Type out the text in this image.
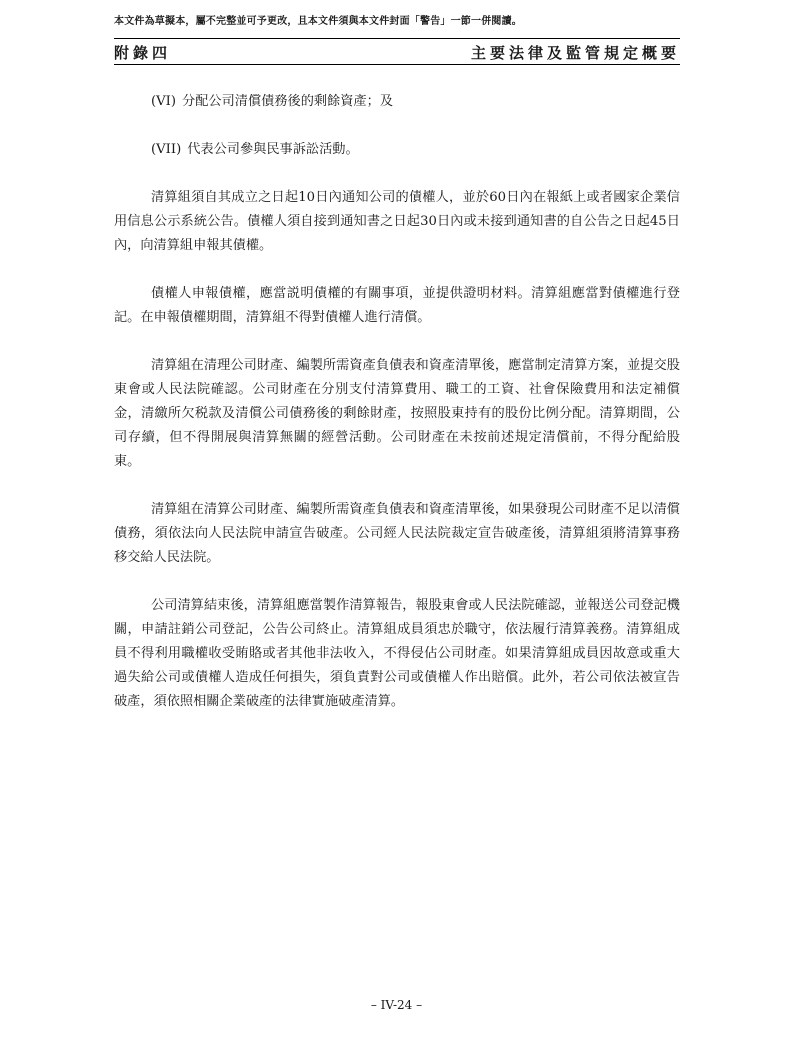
本文件為草擬本，屬不完整並可予更改，且本文件須與本文件封面「警告」一節一併閱讀。
附錄四	主要法律及監管規定概要
(VI) 分配公司清償債務後的剩餘資產；及
(VII) 代表公司參與民事訴訟活動。

清算組須自其成立之日起10日內通知公司的債權人，並於60日內在報紙上或者國家企業信用信息公示系統公告。債權人須自接到通知書之日起30日內或未接到通知書的自公告之日起45日內，向清算組申報其債權。

債權人申報債權，應當説明債權的有關事項，並提供證明材料。清算組應當對債權進行登記。在申報債權期間，清算組不得對債權人進行清償。

清算組在清理公司財產、編製所需資產負債表和資產清單後，應當制定清算方案，並提交股東會或人民法院確認。公司財產在分別支付清算費用、職工的工資、社會保險費用和法定補償金，清繳所欠税款及清償公司債務後的剩餘財產，按照股東持有的股份比例分配。清算期間，公司存續，但不得開展與清算無關的經營活動。公司財產在未按前述規定清償前，不得分配給股東。

清算組在清算公司財產、編製所需資產負債表和資產清單後，如果發現公司財產不足以清償債務，須依法向人民法院申請宣告破產。公司經人民法院裁定宣告破產後，清算組須將清算事務移交給人民法院。

公司清算結束後，清算組應當製作清算報告，報股東會或人民法院確認，並報送公司登記機關，申請註銷公司登記，公告公司終止。清算組成員須忠於職守，依法履行清算義務。清算組成員不得利用職權收受賄賂或者其他非法收入，不得侵佔公司財產。如果清算組成員因故意或重大過失給公司或債權人造成任何損失，須負責對公司或債權人作出賠償。此外，若公司依法被宣告破產，須依照相關企業破產的法律實施破產清算。

– IV-24 –
